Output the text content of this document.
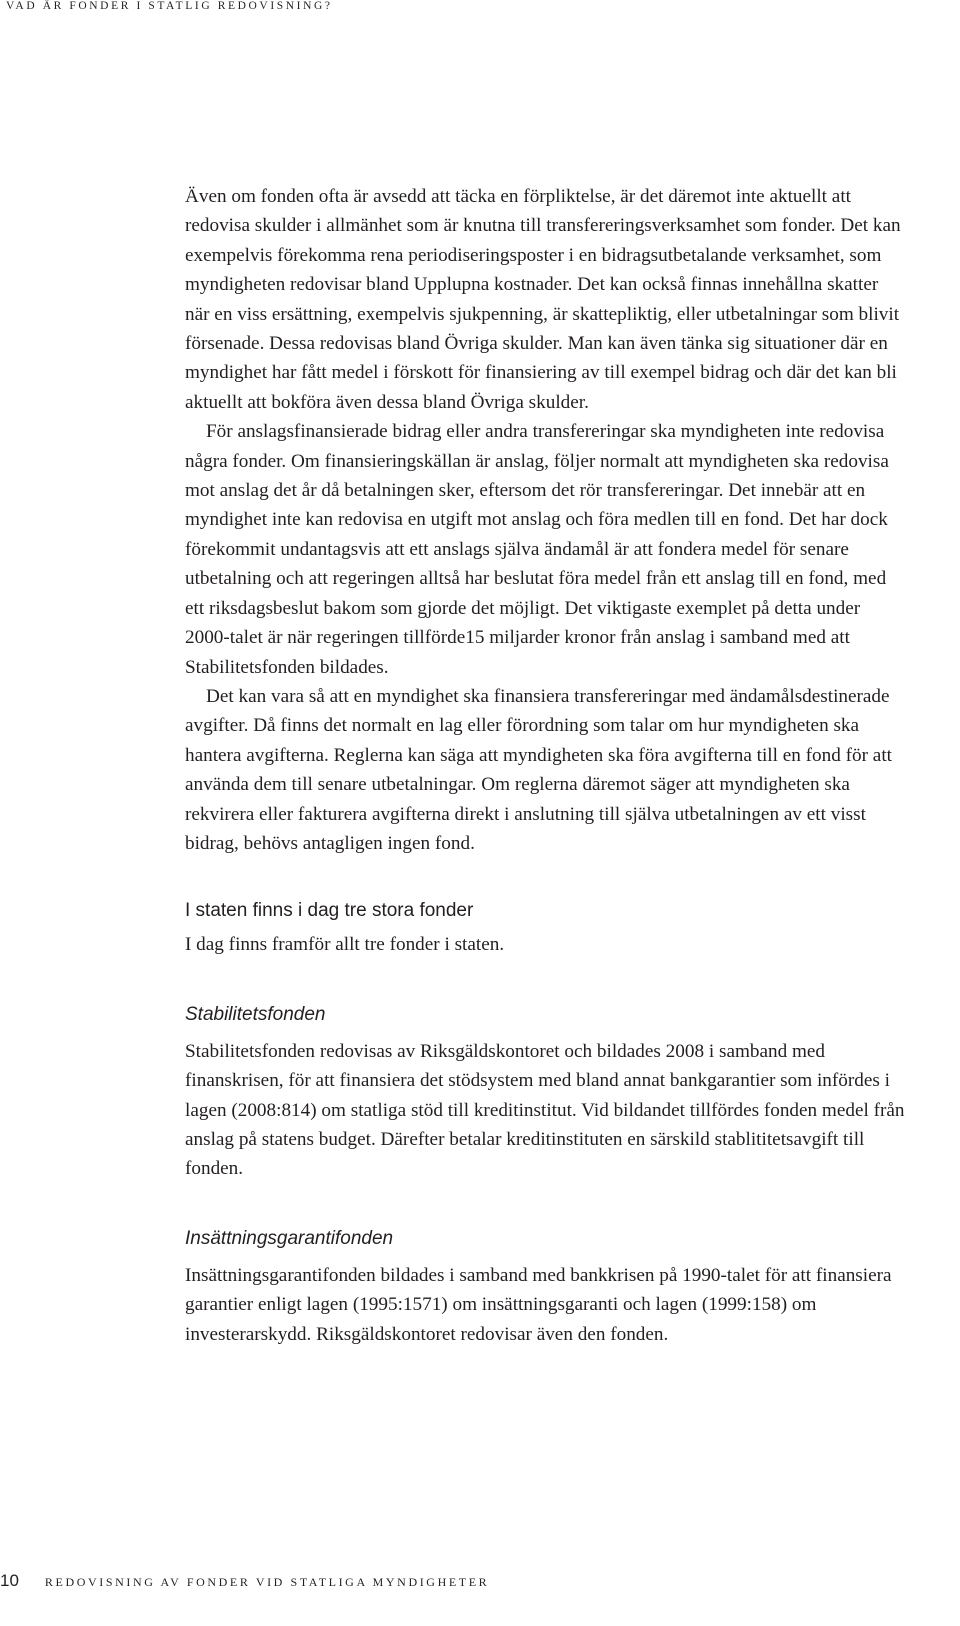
VAD ÄR FONDER I STATLIG REDOVISNING?

Även om fonden ofta är avsedd att täcka en förpliktelse, är det däremot inte aktuellt att redovisa skulder i allmänhet som är knutna till transfereringsverksamhet som fonder. Det kan exempelvis förekomma rena periodiseringsposter i en bidragsutbetalande verksamhet, som myndigheten redovisar bland Upplupna kostnader. Det kan också finnas innehållna skatter när en viss ersättning, exempelvis sjukpenning, är skattepliktig, eller utbetalningar som blivit försenade. Dessa redovisas bland Övriga skulder. Man kan även tänka sig situationer där en myndighet har fått medel i förskott för finansiering av till exempel bidrag och där det kan bli aktuellt att bokföra även dessa bland Övriga skulder.

För anslagsfinansierade bidrag eller andra transfereringar ska myndigheten inte redovisa några fonder. Om finansieringskällan är anslag, följer normalt att myndigheten ska redovisa mot anslag det år då betalningen sker, eftersom det rör transfereringar. Det innebär att en myndighet inte kan redovisa en utgift mot anslag och föra medlen till en fond. Det har dock förekommit undantagsvis att ett anslags själva ändamål är att fondera medel för senare utbetalning och att regeringen alltså har beslutat föra medel från ett anslag till en fond, med ett riksdagsbeslut bakom som gjorde det möjligt. Det viktigaste exemplet på detta under 2000-talet är när regeringen tillförde15 miljarder kronor från anslag i samband med att Stabilitetsfonden bildades.

Det kan vara så att en myndighet ska finansiera transfereringar med ändamålsdestinerade avgifter. Då finns det normalt en lag eller förordning som talar om hur myndigheten ska hantera avgifterna. Reglerna kan säga att myndigheten ska föra avgifterna till en fond för att använda dem till senare utbetalningar. Om reglerna däremot säger att myndigheten ska rekvirera eller fakturera avgifterna direkt i anslutning till själva utbetalningen av ett visst bidrag, behövs antagligen ingen fond.

I staten finns i dag tre stora fonder

I dag finns framför allt tre fonder i staten.

Stabilitetsfonden

Stabilitetsfonden redovisas av Riksgäldskontoret och bildades 2008 i samband med finanskrisen, för att finansiera det stödsystem med bland annat bankgarantier som infördes i lagen (2008:814) om statliga stöd till kreditinstitut. Vid bildandet tillfördes fonden medel från anslag på statens budget. Därefter betalar kreditinstituten en särskild stablititetsavgift till fonden.

Insättningsgarantifonden

Insättningsgarantifonden bildades i samband med bankkrisen på 1990-talet för att finansiera garantier enligt lagen (1995:1571) om insättningsgaranti och lagen (1999:158) om investerarskydd. Riksgäldskontoret redovisar även den fonden.

10 REDOVISNING AV FONDER VID STATLIGA MYNDIGHETER
